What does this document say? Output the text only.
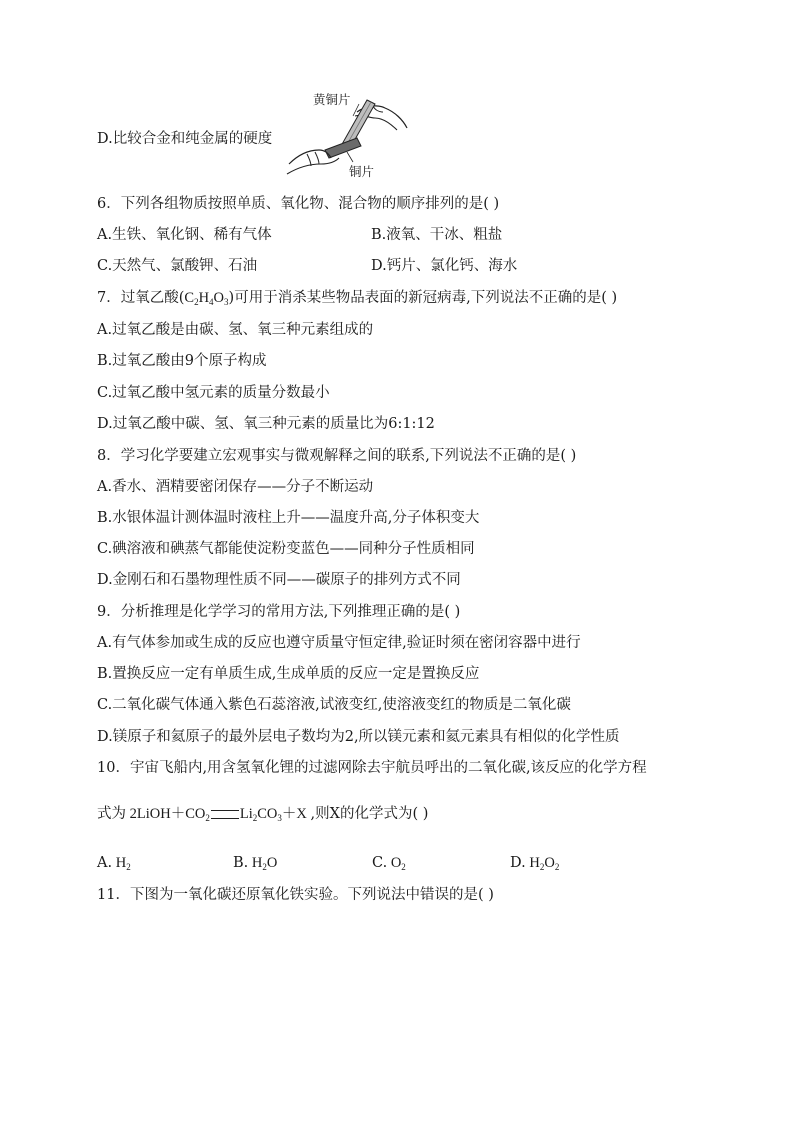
D.比较合金和纯金属的硬度
黄铜片
铜片
6．下列各组物质按照单质、氧化物、混合物的顺序排列的是( )
A.生铁、氧化钢、稀有气体	B.液氧、干冰、粗盐
C.天然气、氯酸钾、石油	D.钙片、氯化钙、海水
7．过氧乙酸$(C_2H_4O_3)$可用于消杀某些物品表面的新冠病毒,下列说法不正确的是( )
A.过氧乙酸是由碳、氢、氧三种元素组成的
B.过氧乙酸由9个原子构成
C.过氧乙酸中氢元素的质量分数最小
D.过氧乙酸中碳、氢、氧三种元素的质量比为6:1:12
8．学习化学要建立宏观事实与微观解释之间的联系,下列说法不正确的是( )
A.香水、酒精要密闭保存——分子不断运动
B.水银体温计测体温时液柱上升——温度升高,分子体积变大
C.碘溶液和碘蒸气都能使淀粉变蓝色——同种分子性质相同
D.金刚石和石墨物理性质不同——碳原子的排列方式不同
9．分析推理是化学学习的常用方法,下列推理正确的是( )
A.有气体参加或生成的反应也遵守质量守恒定律,验证时须在密闭容器中进行
B.置换反应一定有单质生成,生成单质的反应一定是置换反应
C.二氧化碳气体通入紫色石蕊溶液,试液变红,使溶液变红的物质是二氧化碳
D.镁原子和氦原子的最外层电子数均为2,所以镁元素和氦元素具有相似的化学性质
10．宇宙飞船内,用含氢氧化锂的过滤网除去宇航员呼出的二氧化碳,该反应的化学方程
式为 $2LiOH+CO_2$ $Li_2CO_3+X$ ,则X的化学式为( )
A. $H_2$	B. $H_2O$	C. $O_2$	D. $H_2O_2$
11．下图为一氧化碳还原氧化铁实验。下列说法中错误的是( )
